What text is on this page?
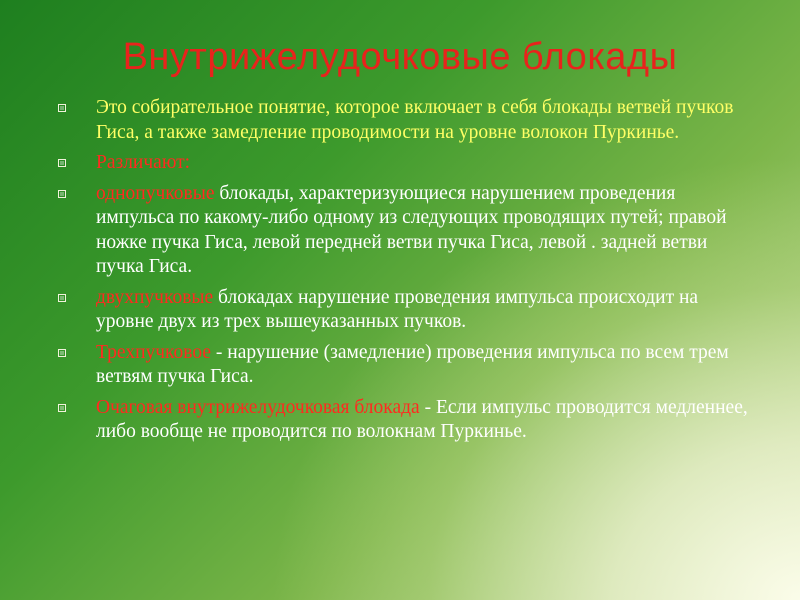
Внутрижелудочковые блокады
Это собирательное понятие, которое включает в себя блокады ветвей пучков Гиса, а также замедление проводимости на уровне волокон Пуркинье.
Различают:
однопучковые блокады, характеризующиеся нарушением проведения импульса по какому-либо одному из следующих проводящих путей; правой ножке пучка Гиса, левой передней ветви пучка Гиса, левой . задней ветви пучка Гиса.
двухпучковые блокадах нарушение проведения импульса происходит на уровне двух из трех вышеуказанных пучков.
Трехпучковое - нарушение (замедление) проведения импульса по всем трем ветвям пучка Гиса.
Очаговая внутрижелудочковая блокада - Если импульс проводится медленнее, либо вообще не проводится по волокнам Пуркинье.
